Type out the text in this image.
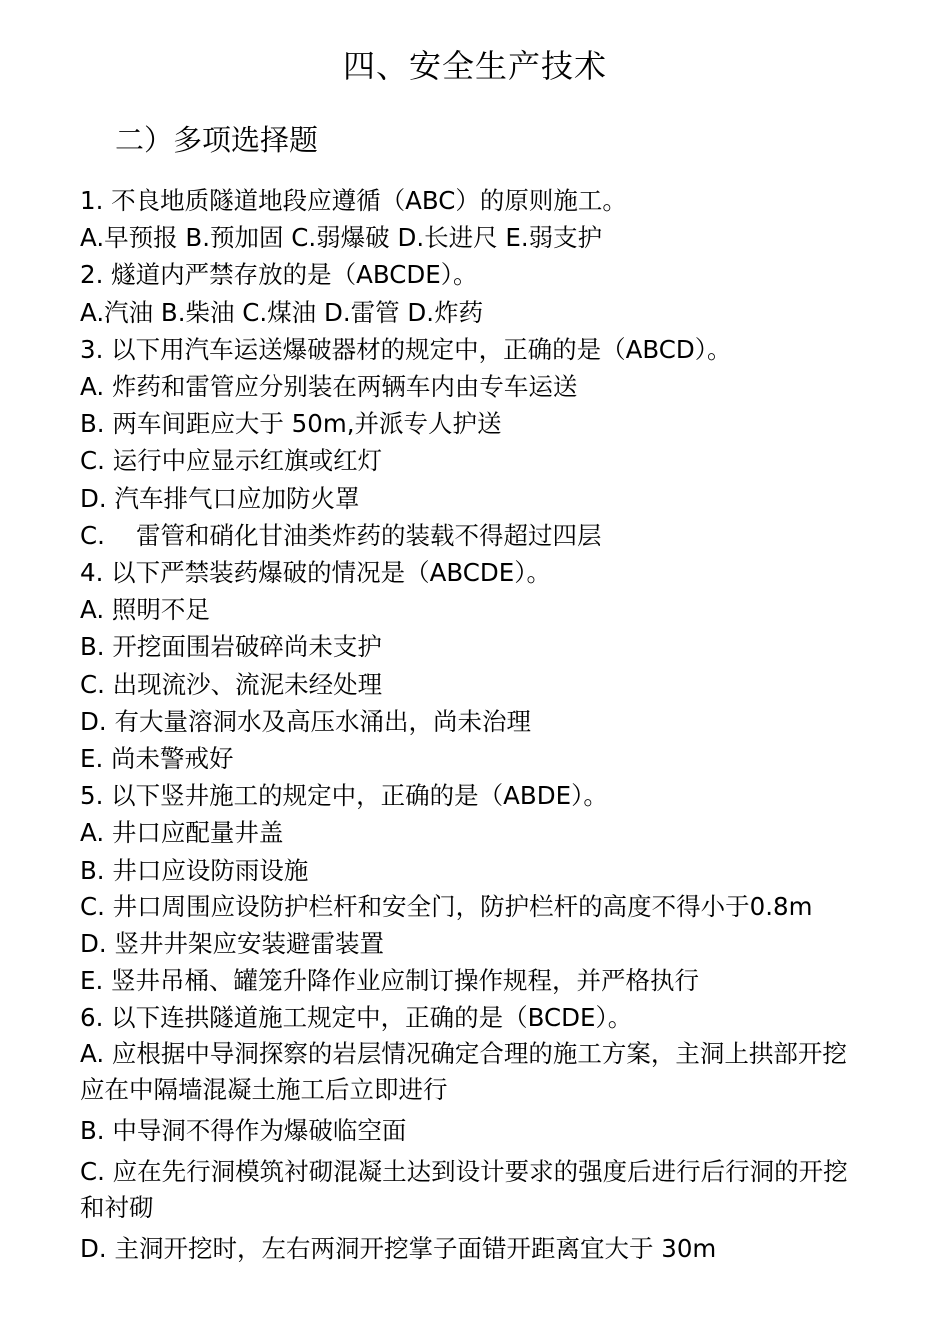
四、安全生产技术
二）多项选择题
1. 不良地质隧道地段应遵循（ABC）的原则施工。
A.早预报 B.预加固 C.弱爆破 D.长进尺 E.弱支护
2. 燧道内严禁存放的是（ABCDE）。
A.汽油 B.柴油 C.煤油 D.雷管 D.炸药
3. 以下用汽车运送爆破器材的规定中，正确的是（ABCD）。
A. 炸药和雷管应分别装在两辆车内由专车运送
B. 两车间距应大于 50m,并派专人护送
C. 运行中应显示红旗或红灯
D. 汽车排气口应加防火罩
C.    雷管和硝化甘油类炸药的装载不得超过四层
4. 以下严禁装药爆破的情况是（ABCDE）。
A. 照明不足
B. 开挖面围岩破碎尚未支护
C. 出现流沙、流泥未经处理
D. 有大量溶洞水及高压水涌出，尚未治理
E. 尚未警戒好
5. 以下竖井施工的规定中，正确的是（ABDE）。
A. 井口应配量井盖
B. 井口应设防雨设施
C. 井口周围应设防护栏杆和安全门，防护栏杆的高度不得小于0.8m
D. 竖井井架应安装避雷装置
E. 竖井吊桶、罐笼升降作业应制订操作规程，并严格执行
6. 以下连拱隧道施工规定中，正确的是（BCDE）。
A. 应根据中导洞探察的岩层情况确定合理的施工方案，主洞上拱部开挖应在中隔墙混凝土施工后立即进行
B. 中导洞不得作为爆破临空面
C. 应在先行洞模筑衬砌混凝土达到设计要求的强度后进行后行洞的开挖和衬砌
D. 主洞开挖时，左右两洞开挖掌子面错开距离宜大于 30m
